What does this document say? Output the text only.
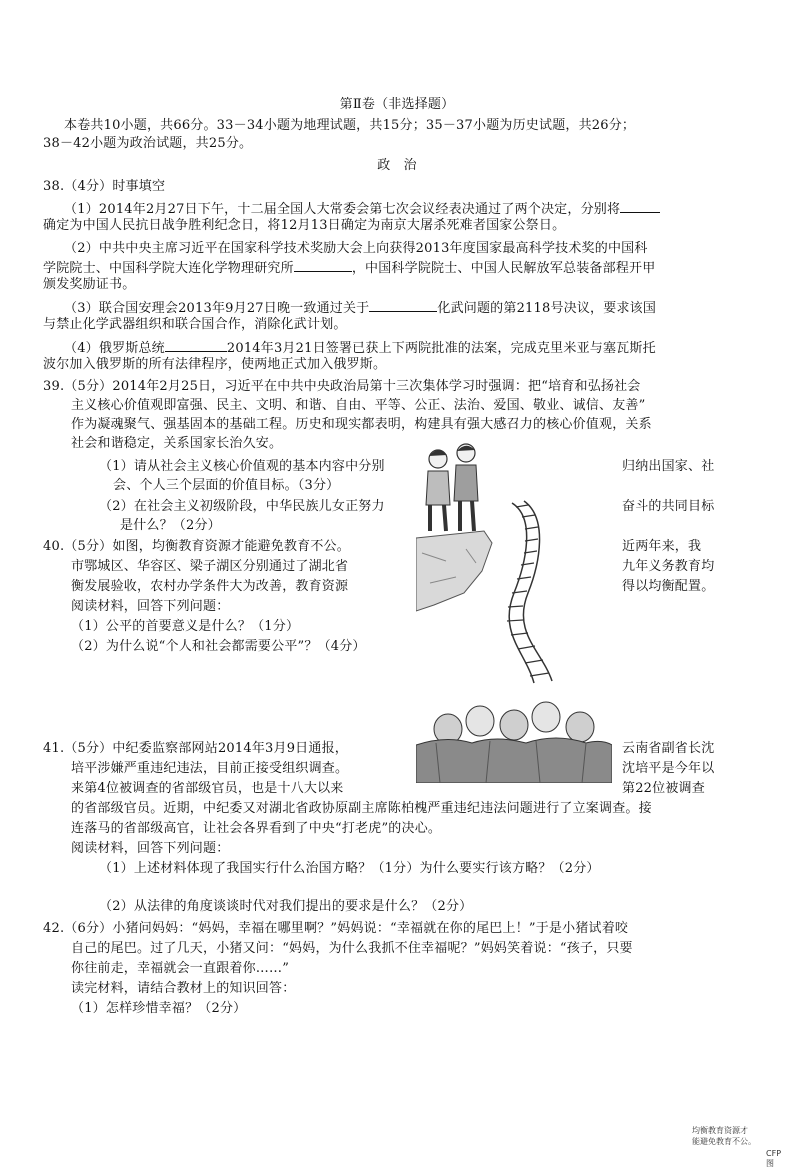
第Ⅱ卷（非选择题）
本卷共10小题，共66分。33－34小题为地理试题，共15分；35－37小题为历史试题，共26分；
38－42小题为政治试题，共25分。
政　治
38.（4分）时事填空
（1）2014年2月27日下午，十二届全国人大常委会第七次会议经表决通过了两个决定，分别将
确定为中国人民抗日战争胜利纪念日，将12月13日确定为南京大屠杀死难者国家公祭日。
（2）中共中央主席习近平在国家科学技术奖励大会上向获得2013年度国家最高科学技术奖的中国科
学院院士、中国科学院大连化学物理研究所	，中国科学院院士、中国人民解放军总装备部程开甲
颁发奖励证书。
（3）联合国安理会2013年9月27日晚一致通过关于	化武问题的第2118号决议，要求该国
与禁止化学武器组织和联合国合作，消除化武计划。
（4）俄罗斯总统	2014年3月21日签署已获上下两院批准的法案，完成克里米亚与塞瓦斯托
波尔加入俄罗斯的所有法律程序，使两地正式加入俄罗斯。
39.（5分）2014年2月25日，习近平在中共中央政治局第十三次集体学习时强调：把“培育和弘扬社会
主义核心价值观即富强、民主、文明、和谐、自由、平等、公正、法治、爱国、敬业、诚信、友善”
作为凝魂聚气、强基固本的基础工程。历史和现实都表明，构建具有强大感召力的核心价值观，关系
社会和谐稳定，关系国家长治久安。
（1）请从社会主义核心价值观的基本内容中分别	归纳出国家、社
会、个人三个层面的价值目标。（3分）
（2）在社会主义初级阶段，中华民族儿女正努力	奋斗的共同目标
是什么？（2分）
40.（5分）如图，均衡教育资源才能避免教育不公。	近两年来，我
市鄂城区、华容区、梁子湖区分别通过了湖北省	九年义务教育均
衡发展验收，农村办学条件大为改善，教育资源	得以均衡配置。
阅读材料，回答下列问题：
（1）公平的首要意义是什么？（1分）
（2）为什么说“个人和社会都需要公平”？（4分）
均衡教育资源才
能避免教育不公。
CFP图
41.（5分）中纪委监察部网站2014年3月9日通报，	云南省副省长沈
培平涉嫌严重违纪违法，目前正接受组织调查。	沈培平是今年以
来第4位被调查的省部级官员，也是十八大以来	第22位被调查
的省部级官员。近期，中纪委又对湖北省政协原副主席陈柏槐严重违纪违法问题进行了立案调查。接
连落马的省部级高官，让社会各界看到了中央“打老虎”的决心。
阅读材料，回答下列问题：
（1）上述材料体现了我国实行什么治国方略？（1分）为什么要实行该方略？（2分）
（2）从法律的角度谈谈时代对我们提出的要求是什么？（2分）
42.（6分）小猪问妈妈：“妈妈，幸福在哪里啊？”妈妈说：“幸福就在你的尾巴上！”于是小猪试着咬
自己的尾巴。过了几天，小猪又问：“妈妈，为什么我抓不住幸福呢？”妈妈笑着说：“孩子，只要
你往前走，幸福就会一直跟着你……”
读完材料，请结合教材上的知识回答：
（1）怎样珍惜幸福？（2分）
